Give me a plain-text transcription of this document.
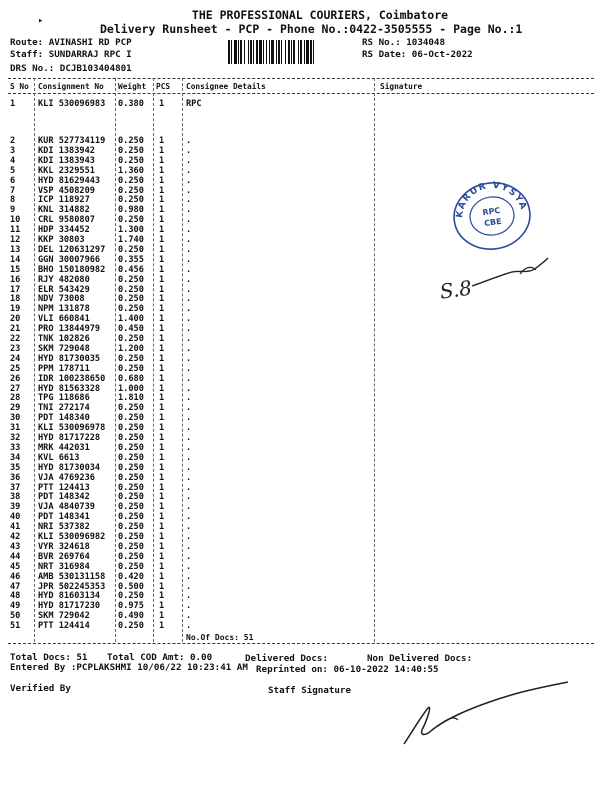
▸	THE PROFESSIONAL COURIERS, Coimbatore
Delivery Runsheet - PCP - Phone No.:0422-3505555 - Page No.:1
Route: AVINASHI RD PCP
Staff: SUNDARRAJ RPC I
DRS No.: DCJB103404801
RS No.: 1034048
RS Date: 06-Oct-2022
S No Consignment No Weight PCS Consignee Details	Signature
1	KLI 530096983 0.380 1	RPC
2	KUR 527734119 0.250 1	.
3	KDI 1383942	0.250 1	.
4	KDI 1383943	0.250 1	.
5	KKL 2329551	1.360 1	.
6	HYD 81629443 0.250 1	.
7	VSP 4508209	0.250 1	.
8	ICP 118927	0.250 1	.
9	KNL 314882	0.980 1	.
10 CRL 9580807	0.250 1	.
11 HDP 334452	1.300 1	.
12 KKP 30803	1.740 1	.
13 DEL 120631297 0.250 1	.
14 GGN 30007966 0.355 1	.
15 BHO 150180982 0.456 1	.
16 RJY 482080	0.250 1	.
17 ELR 543429	0.250 1	.
18 NDV 73008	0.250 1	.
19 NPM 131878	0.250 1	.
20 VLI 660841	1.400 1	.
21 PRO 13844979 0.450 1	.
22 TNK 102826	0.250 1	.
23 SKM 729048	1.200 1	.
24 HYD 81730035 0.250 1	.
25 PPM 178711	0.250 1	.
26 IDR 100238650 0.680 1	.
27 HYD 81563328 1.000 1	.
28 TPG 118686	1.810 1	.
29 TNI 272174	0.250 1	.
30 PDT 148340	0.250 1	.
31 KLI 530096978 0.250 1	.
32 HYD 81717228 0.250 1	.
33 MRK 442031	0.250 1	.
34 KVL 6613	0.250 1	.
35 HYD 81730034 0.250 1	.
36 VJA 4769236	0.250 1	.
37 PTT 124413	0.250 1	.
38 PDT 148342	0.250 1	.
39 VJA 4840739	0.250 1	.
40 PDT 148341	0.250 1	.
41 NRI 537382	0.250 1	.
42 KLI 530096982 0.250 1	.
43 VYR 324618	0.250 1	.
44 BVR 269764	0.250 1	.
45 NRT 316984	0.250 1	.
46 AMB 530131158 0.420 1	.
47 JPR 502245353 0.500 1	.
48 HYD 81603134 0.250 1	.
49 HYD 81717230 0.975 1	.
50 SKM 729042	0.490 1	.
51 PTT 124414	0.250 1	.
No.Of Docs: 51
Total Docs: 51 Total COD Amt: 0.00	Delivered Docs:	Non Delivered Docs:
Entered By :PCPLAKSHMI 10/06/22 10:23:41 AM Reprinted on: 06-10-2022 14:40:55
Verified By	Staff Signature
KARUR VYSYA
RPC
CBE
S.8
